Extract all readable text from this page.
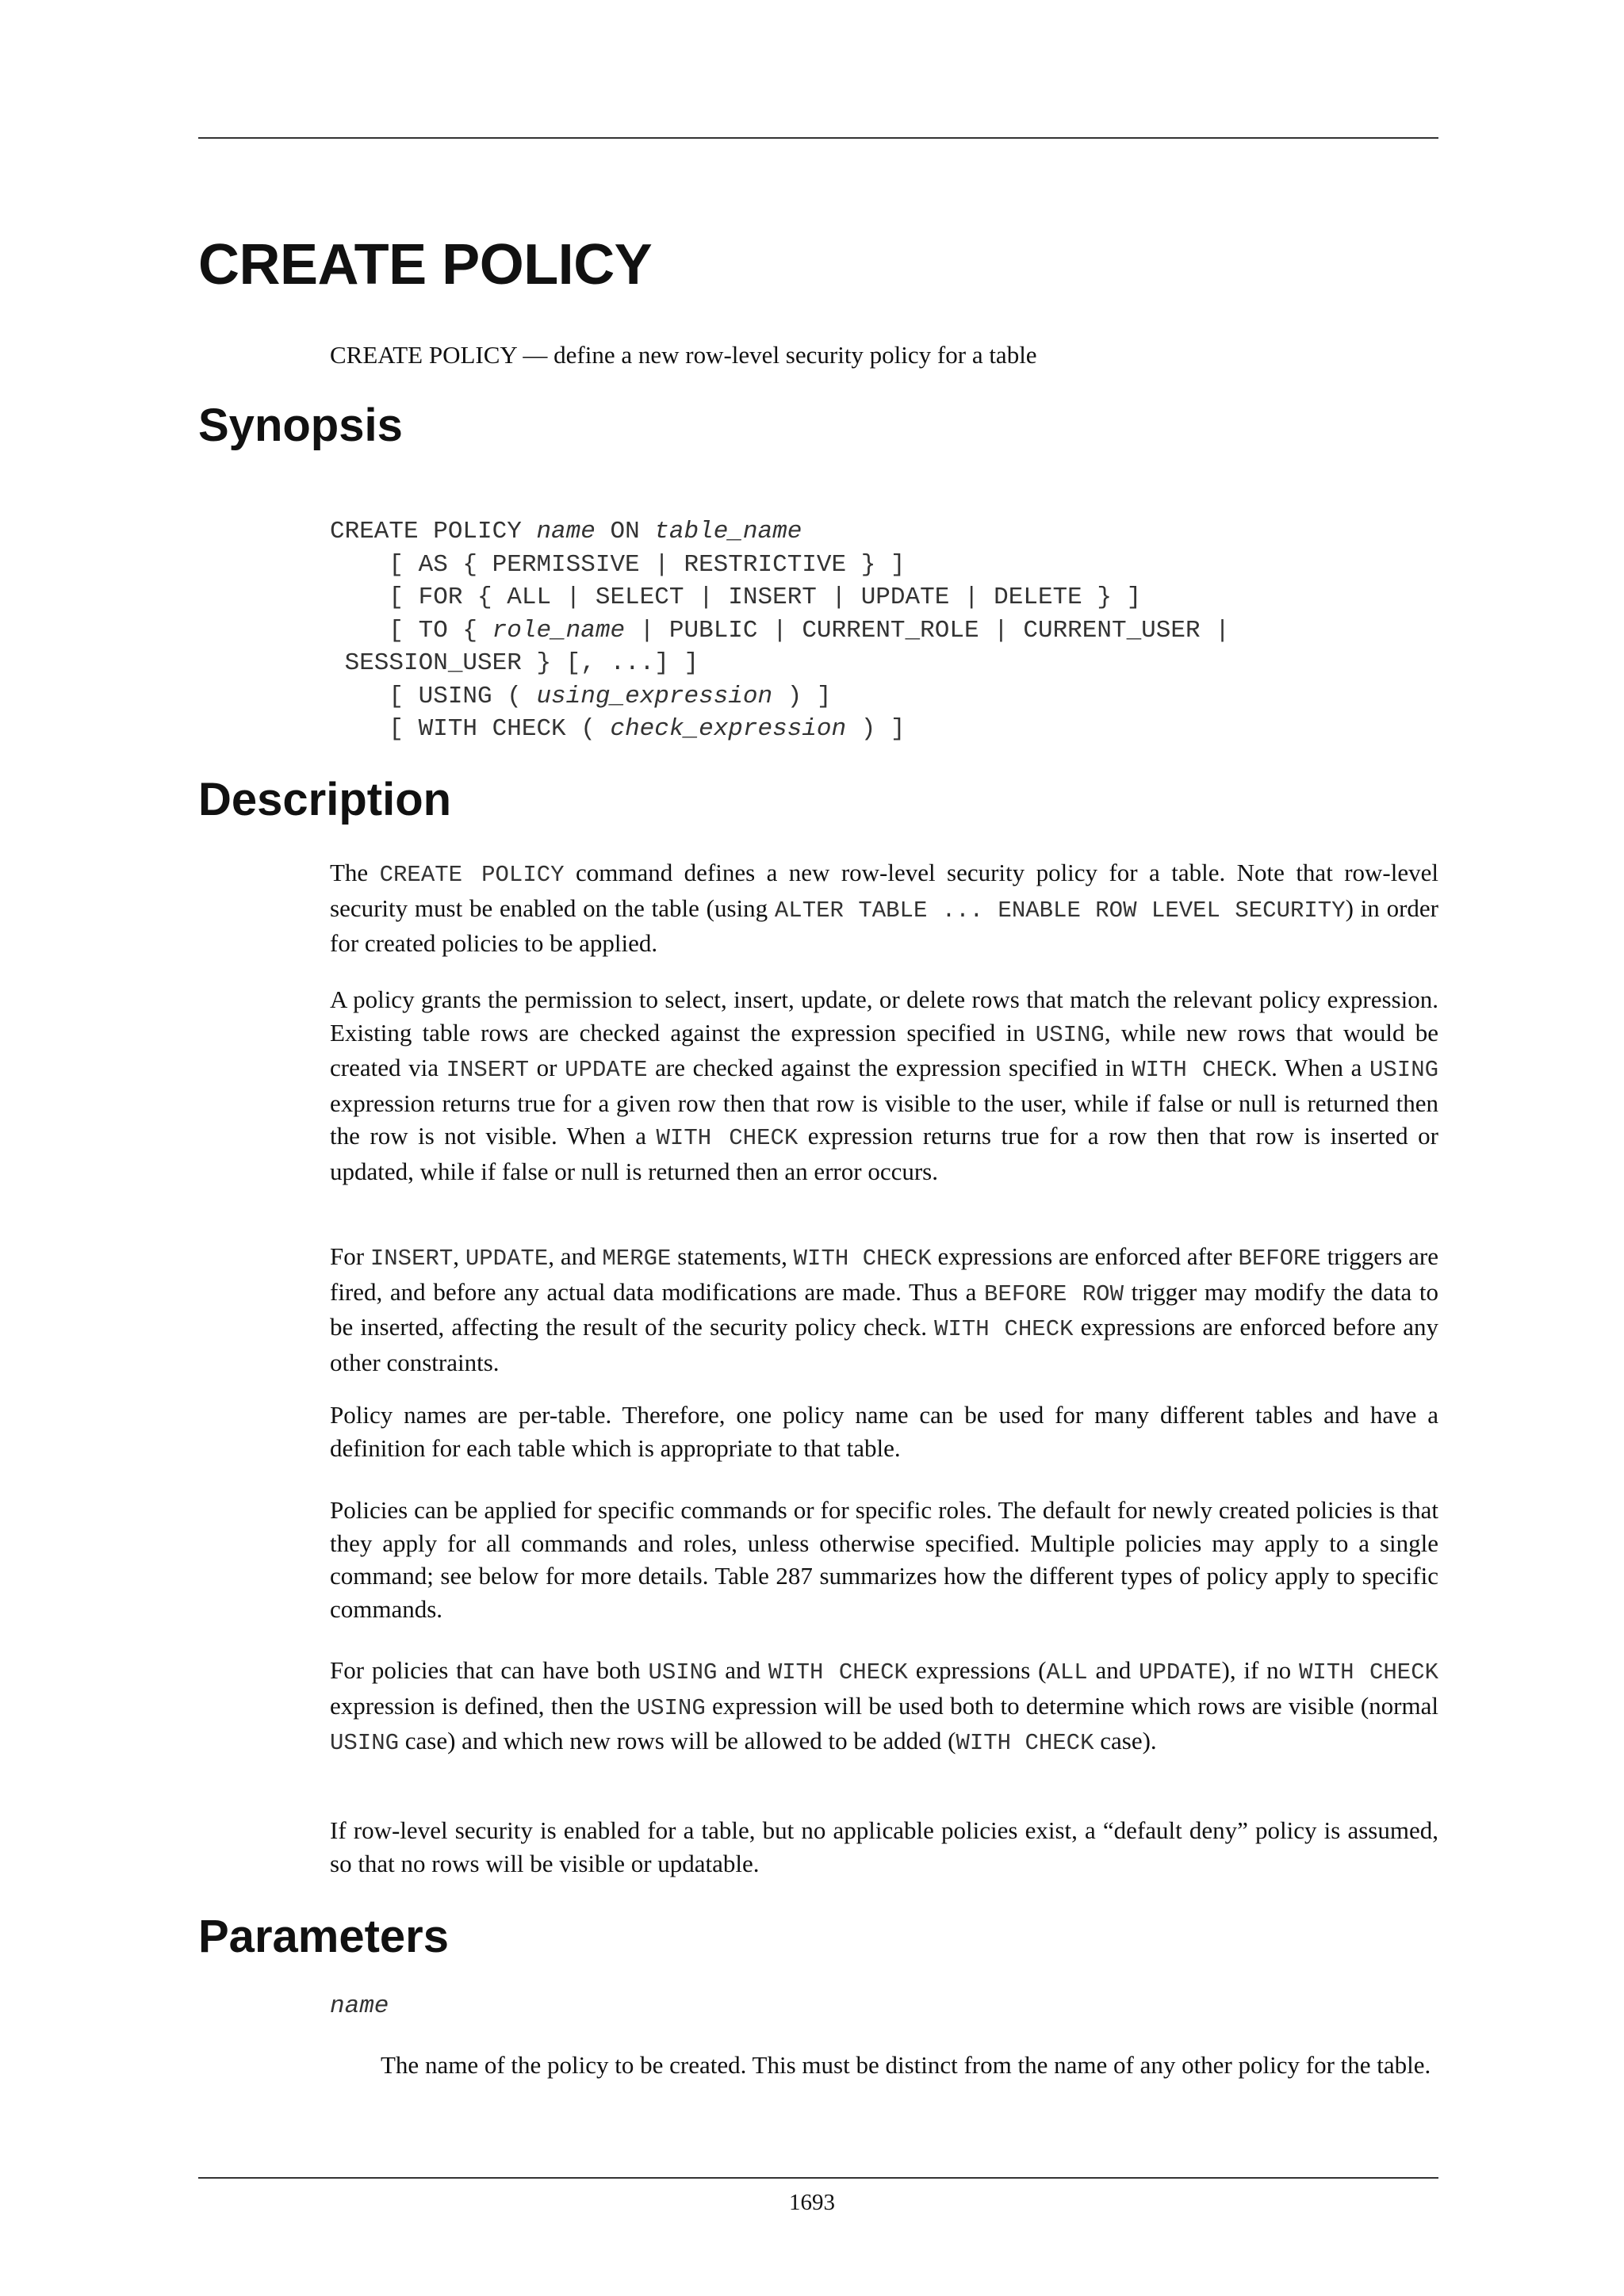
CREATE POLICY

CREATE POLICY — define a new row-level security policy for a table

Synopsis
CREATE POLICY name ON table_name
[ AS { PERMISSIVE | RESTRICTIVE } ]
[ FOR { ALL | SELECT | INSERT | UPDATE | DELETE } ]
[ TO { role_name | PUBLIC | CURRENT_ROLE | CURRENT_USER |
SESSION_USER } [, ...] ]
[ USING ( using_expression ) ]
[ WITH CHECK ( check_expression ) ]
Description

The CREATE POLICY command defines a new row-level security policy for a table. Note that row-level security must be enabled on the table (using ALTER TABLE ... ENABLE ROW LEVEL SECURITY) in order for created policies to be applied.

A policy grants the permission to select, insert, update, or delete rows that match the relevant policy expression. Existing table rows are checked against the expression specified in USING, while new rows that would be created via INSERT or UPDATE are checked against the expression specified in WITH CHECK. When a USING expression returns true for a given row then that row is visible to the user, while if false or null is returned then the row is not visible. When a WITH CHECK expression returns true for a row then that row is inserted or updated, while if false or null is returned then an error occurs.

For INSERT, UPDATE, and MERGE statements, WITH CHECK expressions are enforced after BEFORE triggers are fired, and before any actual data modifications are made. Thus a BEFORE ROW trigger may modify the data to be inserted, affecting the result of the security policy check. WITH CHECK expressions are enforced before any other constraints.

Policy names are per-table. Therefore, one policy name can be used for many different tables and have a definition for each table which is appropriate to that table.

Policies can be applied for specific commands or for specific roles. The default for newly created policies is that they apply for all commands and roles, unless otherwise specified. Multiple policies may apply to a single command; see below for more details. Table 287 summarizes how the different types of policy apply to specific commands.

For policies that can have both USING and WITH CHECK expressions (ALL and UPDATE), if no WITH CHECK expression is defined, then the USING expression will be used both to determine which rows are visible (normal USING case) and which new rows will be allowed to be added (WITH CHECK case).

If row-level security is enabled for a table, but no applicable policies exist, a “default deny” policy is assumed, so that no rows will be visible or updatable.

Parameters

name

The name of the policy to be created. This must be distinct from the name of any other policy for the table.

1693
